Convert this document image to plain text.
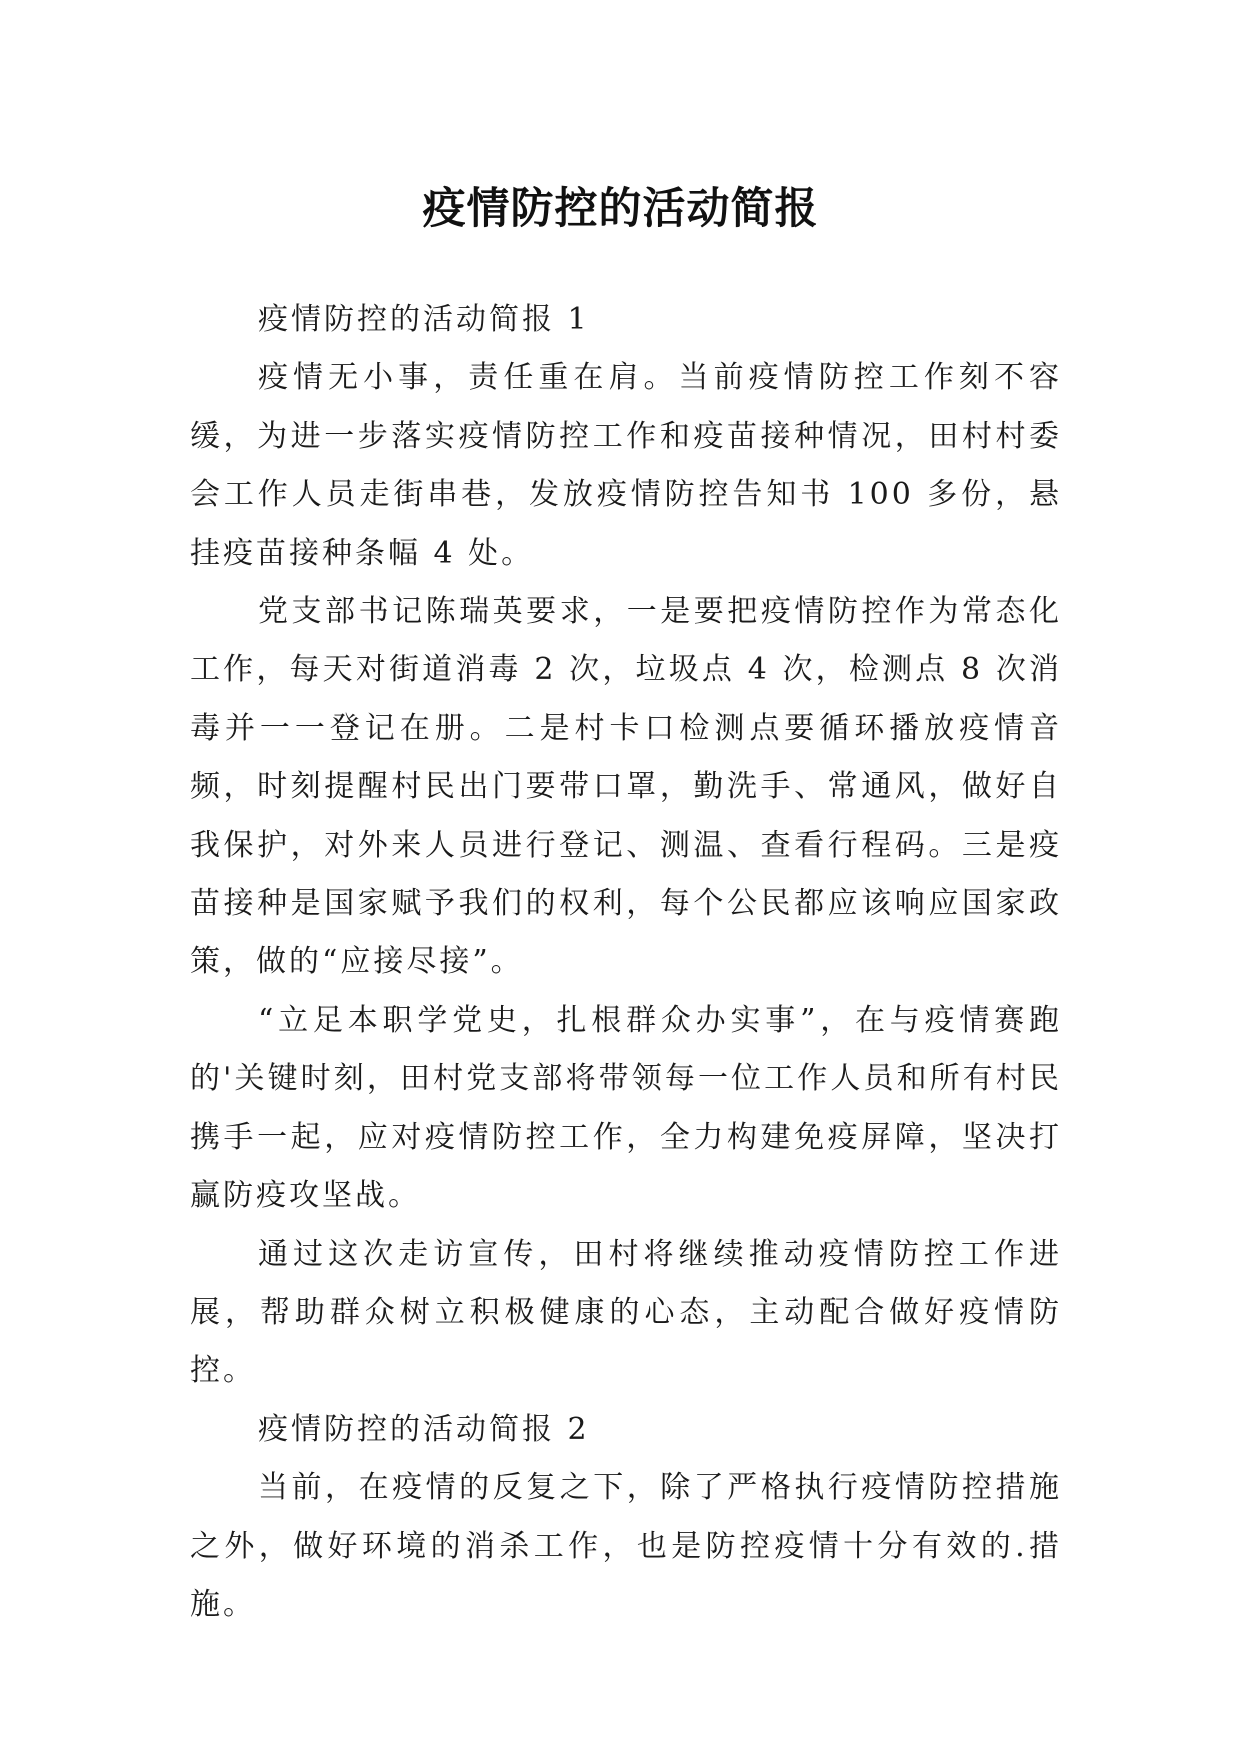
疫情防控的活动简报

疫情防控的活动简报 1

疫情无小事，责任重在肩。当前疫情防控工作刻不容缓，为进一步落实疫情防控工作和疫苗接种情况，田村村委会工作人员走街串巷，发放疫情防控告知书 100 多份，悬挂疫苗接种条幅 4 处。

党支部书记陈瑞英要求，一是要把疫情防控作为常态化工作，每天对街道消毒 2 次，垃圾点 4 次，检测点 8 次消毒并一一登记在册。二是村卡口检测点要循环播放疫情音频，时刻提醒村民出门要带口罩，勤洗手、常通风，做好自我保护，对外来人员进行登记、测温、查看行程码。三是疫苗接种是国家赋予我们的权利，每个公民都应该响应国家政策，做的“应接尽接”。

“立足本职学党史，扎根群众办实事”，在与疫情赛跑的'关键时刻，田村党支部将带领每一位工作人员和所有村民携手一起，应对疫情防控工作，全力构建免疫屏障，坚决打赢防疫攻坚战。

通过这次走访宣传，田村将继续推动疫情防控工作进展，帮助群众树立积极健康的心态，主动配合做好疫情防控。

疫情防控的活动简报 2

当前，在疫情的反复之下，除了严格执行疫情防控措施之外，做好环境的消杀工作，也是防控疫情十分有效的.措施。
